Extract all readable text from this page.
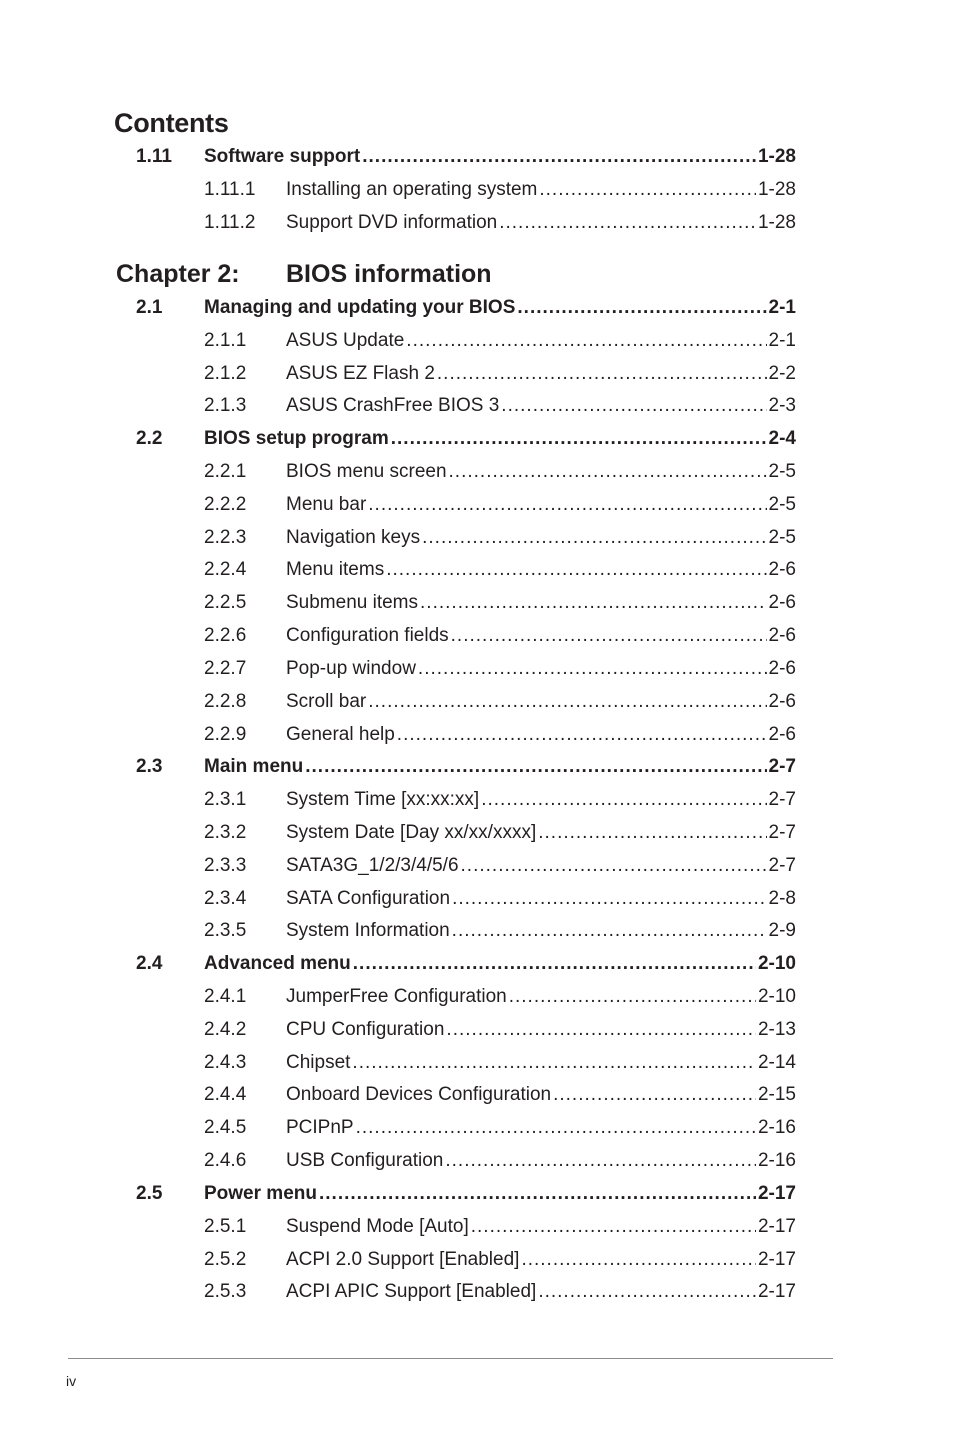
Contents
1.11 Software support .....	1-28
1.11.1 Installing an operating system .....	1-28
1.11.2 Support DVD information .....	1-28
Chapter 2: BIOS information
2.1 Managing and updating your BIOS .....	2-1
2.1.1 ASUS Update .....	2-1
2.1.2 ASUS EZ Flash 2 .....	2-2
2.1.3 ASUS CrashFree BIOS 3 .....	2-3
2.2 BIOS setup program .....	2-4
2.2.1 BIOS menu screen .....	2-5
2.2.2 Menu bar .....	2-5
2.2.3 Navigation keys .....	2-5
2.2.4 Menu items .....	2-6
2.2.5 Submenu items .....	2-6
2.2.6 Configuration fields .....	2-6
2.2.7 Pop-up window .....	2-6
2.2.8 Scroll bar .....	2-6
2.2.9 General help .....	2-6
2.3 Main menu .....	2-7
2.3.1 System Time [xx:xx:xx] .....	2-7
2.3.2 System Date [Day xx/xx/xxxx] .....	2-7
2.3.3 SATA3G_1/2/3/4/5/6 .....	2-7
2.3.4 SATA Configuration .....	2-8
2.3.5 System Information .....	2-9
2.4 Advanced menu .....	2-10
2.4.1 JumperFree Configuration .....	2-10
2.4.2 CPU Configuration .....	2-13
2.4.3 Chipset .....	2-14
2.4.4 Onboard Devices Configuration .....	2-15
2.4.5 PCIPnP .....	2-16
2.4.6 USB Configuration .....	2-16
2.5 Power menu .....	2-17
2.5.1 Suspend Mode [Auto] .....	2-17
2.5.2 ACPI 2.0 Support [Enabled] .....	2-17
2.5.3 ACPI APIC Support [Enabled] .....	2-17
iv
